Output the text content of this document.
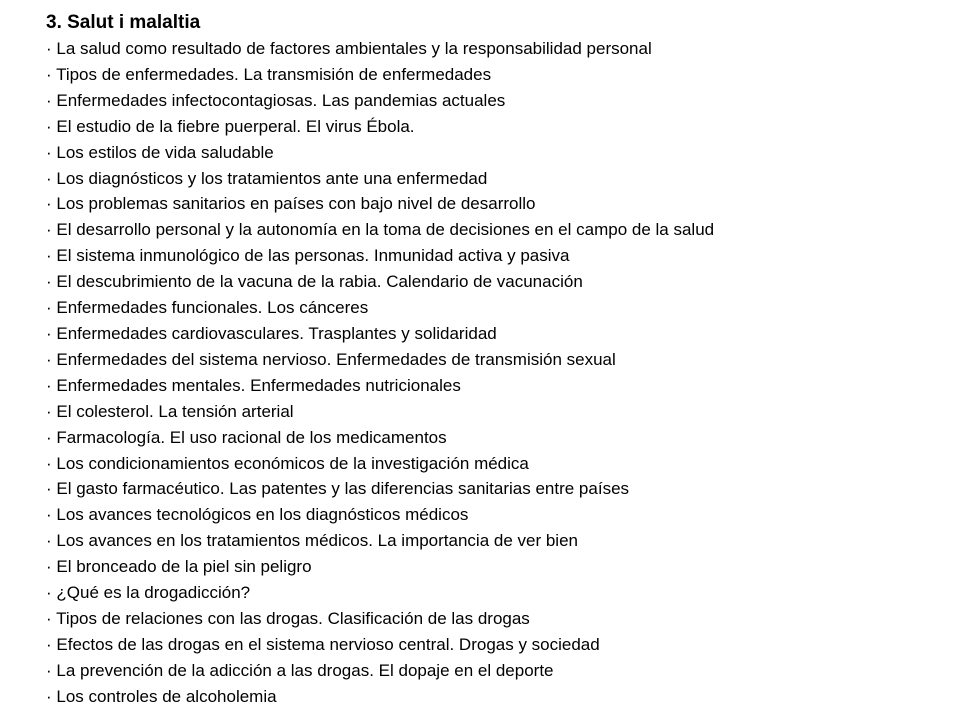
3. Salut i malaltia
· La salud como resultado de factores ambientales y la responsabilidad personal
· Tipos de enfermedades. La transmisión de enfermedades
· Enfermedades infectocontagiosas. Las pandemias actuales
· El estudio de la fiebre puerperal. El virus Ébola.
· Los estilos de vida saludable
· Los diagnósticos y los tratamientos ante una enfermedad
· Los problemas sanitarios en países con bajo nivel de desarrollo
· El desarrollo personal y la autonomía en la toma de decisiones en el campo de la salud
· El sistema inmunológico de las personas. Inmunidad activa y pasiva
· El descubrimiento de la vacuna de la rabia. Calendario de vacunación
· Enfermedades funcionales. Los cánceres
· Enfermedades cardiovasculares. Trasplantes y solidaridad
· Enfermedades del sistema nervioso. Enfermedades de transmisión sexual
· Enfermedades mentales. Enfermedades nutricionales
· El colesterol. La tensión arterial
· Farmacología. El uso racional de los medicamentos
· Los condicionamientos económicos de la investigación médica
· El gasto farmacéutico. Las patentes y las diferencias sanitarias entre países
· Los avances tecnológicos en los diagnósticos médicos
· Los avances en los tratamientos médicos. La importancia de ver bien
· El bronceado de la piel sin peligro
· ¿Qué es la drogadicción?
· Tipos de relaciones con las drogas. Clasificación de las drogas
· Efectos de las drogas en el sistema nervioso central. Drogas y sociedad
· La prevención de la adicción a las drogas. El dopaje en el deporte
· Los controles de alcoholemia
